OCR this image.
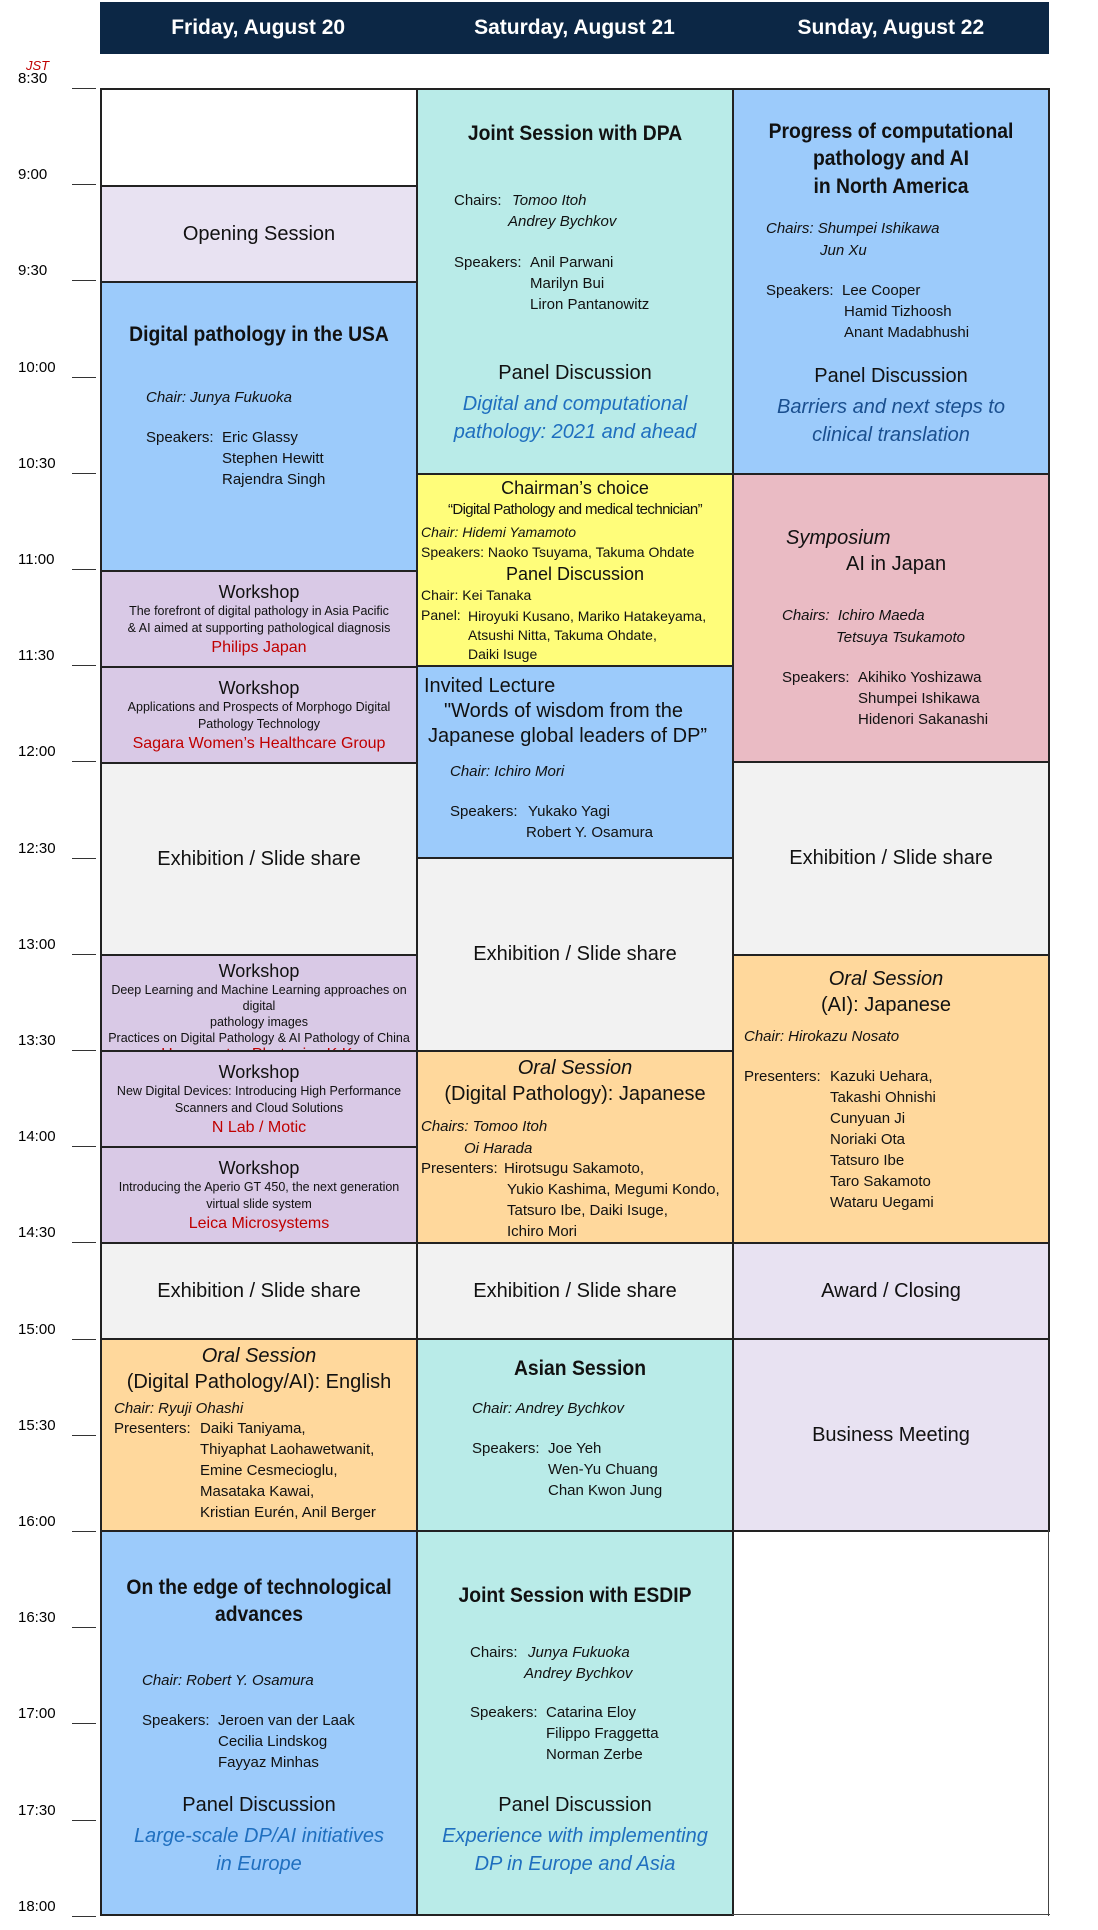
Friday, August 20	Saturday, August 21	Sunday, August 22
JST
8:30
9:00
9:30
10:00
10:30
11:00
11:30
12:00
12:30
13:00
13:30
14:00
14:30
15:00
15:30
16:00
16:30
17:00
17:30
18:00
Opening Session
Digital pathology in the USA
Chair: Junya Fukuoka
Speakers: Eric Glassy
Stephen Hewitt
Rajendra Singh
Workshop
The forefront of digital pathology in Asia Pacific
& AI aimed at supporting pathological diagnosis
Philips Japan
Workshop
Applications and Prospects of Morphogo Digital
Pathology Technology
Sagara Women’s Healthcare Group
Exhibition / Slide share
Workshop
Deep Learning and Machine Learning approaches on digital
pathology images
Practices on Digital Pathology & AI Pathology of China
Workshop
New Digital Devices: Introducing High Performance
Scanners and Cloud Solutions
N Lab / Motic
Workshop
Introducing the Aperio GT 450, the next generation
virtual slide system
Leica Microsystems
Exhibition / Slide share
Oral Session
(Digital Pathology/AI): English
Chair: Ryuji Ohashi
Presenters: Daiki Taniyama,
Thiyaphat Laohawetwanit,
Emine Cesmecioglu,
Masataka Kawai,
Kristian Eurén, Anil Berger
On the edge of technological
advances
Chair: Robert Y. Osamura
Speakers: Jeroen van der Laak
Cecilia Lindskog
Fayyaz Minhas
Panel Discussion
Large-scale DP/AI initiatives
in Europe
Joint Session with DPA
Chairs: Tomoo Itoh
Andrey Bychkov
Speakers: Anil Parwani
Marilyn Bui
Liron Pantanowitz
Panel Discussion
Digital and computational
pathology: 2021 and ahead
Chairman’s choice
“Digital Pathology and medical technician”
Chair: Hidemi Yamamoto
Speakers: Naoko Tsuyama, Takuma Ohdate
Panel Discussion
Chair: Kei Tanaka
Panel: Hiroyuki Kusano, Mariko Hatakeyama,
Atsushi Nitta, Takuma Ohdate,
Daiki Isuge
Invited Lecture
"Words of wisdom from the
Japanese global leaders of DP”
Chair: Ichiro Mori
Speakers: Yukako Yagi
Robert Y. Osamura
Exhibition / Slide share
Oral Session
(Digital Pathology): Japanese
Chairs: Tomoo Itoh
Oi Harada
Presenters: Hirotsugu Sakamoto,
Yukio Kashima, Megumi Kondo,
Tatsuro Ibe, Daiki Isuge,
Ichiro Mori
Exhibition / Slide share
Asian Session
Chair: Andrey Bychkov
Speakers: Joe Yeh
Wen-Yu Chuang
Chan Kwon Jung
Joint Session with ESDIP
Chairs: Junya Fukuoka
Andrey Bychkov
Speakers: Catarina Eloy
Filippo Fraggetta
Norman Zerbe
Panel Discussion
Experience with implementing
DP in Europe and Asia
Progress of computational
pathology and AI
in North America
Chairs: Shumpei Ishikawa
Jun Xu
Speakers: Lee Cooper
Hamid Tizhoosh
Anant Madabhushi
Panel Discussion
Barriers and next steps to
clinical translation
Symposium
AI in Japan
Chairs: Ichiro Maeda
Tetsuya Tsukamoto
Speakers: Akihiko Yoshizawa
Shumpei Ishikawa
Hidenori Sakanashi
Exhibition / Slide share
Oral Session
(AI): Japanese
Chair: Hirokazu Nosato
Presenters: Kazuki Uehara,
Takashi Ohnishi
Cunyuan Ji
Noriaki Ota
Tatsuro Ibe
Taro Sakamoto
Wataru Uegami
Award / Closing
Business Meeting
